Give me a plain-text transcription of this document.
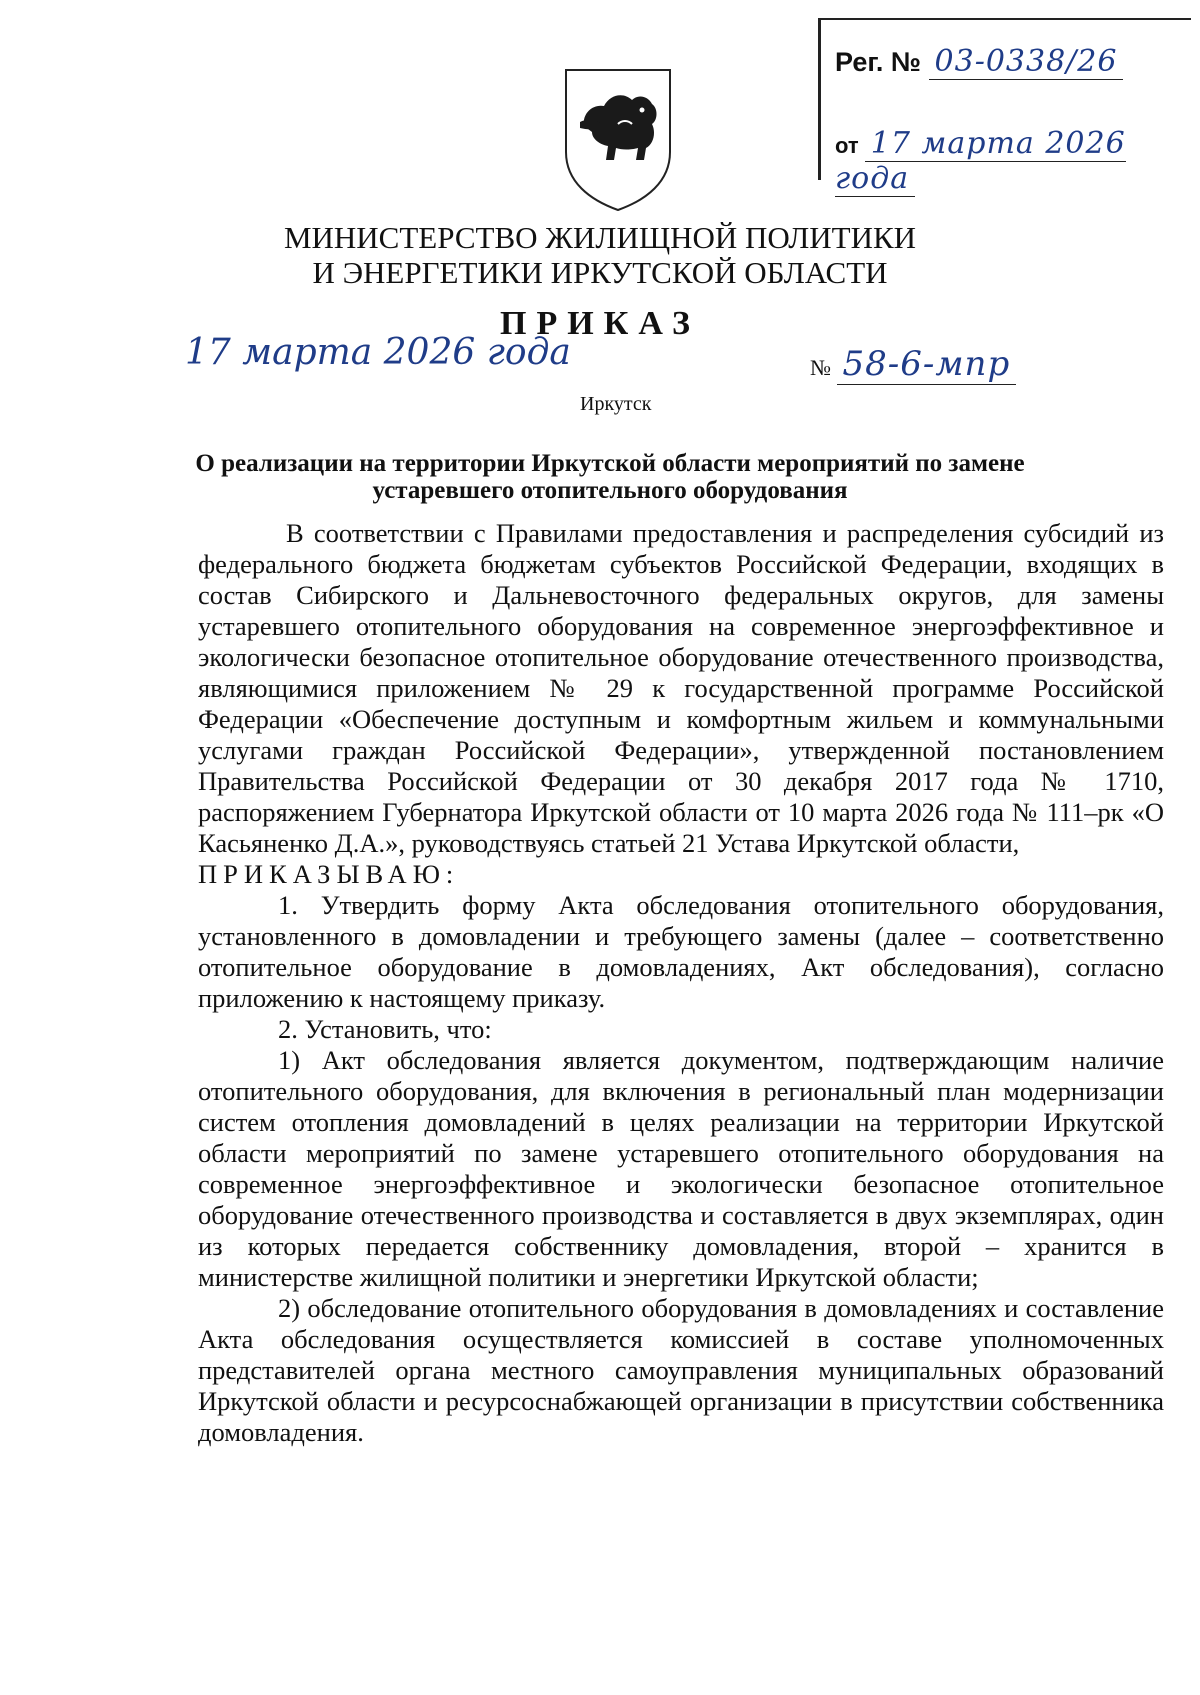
Рег. № 03-0338/26
от 17 марта 2026 года
МИНИСТЕРСТВО ЖИЛИЩНОЙ ПОЛИТИКИ
И ЭНЕРГЕТИКИ ИРКУТСКОЙ ОБЛАСТИ
ПРИКАЗ
17 марта 2026 года	№ 58-6-мпр
Иркутск
О реализации на территории Иркутской области мероприятий по замене устаревшего отопительного оборудования

В соответствии с Правилами предоставления и распределения субсидий из федерального бюджета бюджетам субъектов Российской Федерации, входящих в состав Сибирского и Дальневосточного федеральных округов, для замены устаревшего отопительного оборудования на современное энергоэффективное и экологически безопасное отопительное оборудование отечественного производства, являющимися приложением № 29 к государственной программе Российской Федерации «Обеспечение доступным и комфортным жильем и коммунальными услугами граждан Российской Федерации», утвержденной постановлением Правительства Российской Федерации от 30 декабря 2017 года № 1710, распоряжением Губернатора Иркутской области от 10 марта 2026 года № 111–рк «О Касьяненко Д.А.», руководствуясь статьей 21 Устава Иркутской области,

ПРИКАЗЫВАЮ:

1. Утвердить форму Акта обследования отопительного оборудования, установленного в домовладении и требующего замены (далее – соответственно отопительное оборудование в домовладениях, Акт обследования), согласно приложению к настоящему приказу.

2. Установить, что:

1) Акт обследования является документом, подтверждающим наличие отопительного оборудования, для включения в региональный план модернизации систем отопления домовладений в целях реализации на территории Иркутской области мероприятий по замене устаревшего отопительного оборудования на современное энергоэффективное и экологически безопасное отопительное оборудование отечественного производства и составляется в двух экземплярах, один из которых передается собственнику домовладения, второй – хранится в министерстве жилищной политики и энергетики Иркутской области;

2) обследование отопительного оборудования в домовладениях и составление Акта обследования осуществляется комиссией в составе уполномоченных представителей органа местного самоуправления муниципальных образований Иркутской области и ресурсоснабжающей организации в присутствии собственника домовладения.
